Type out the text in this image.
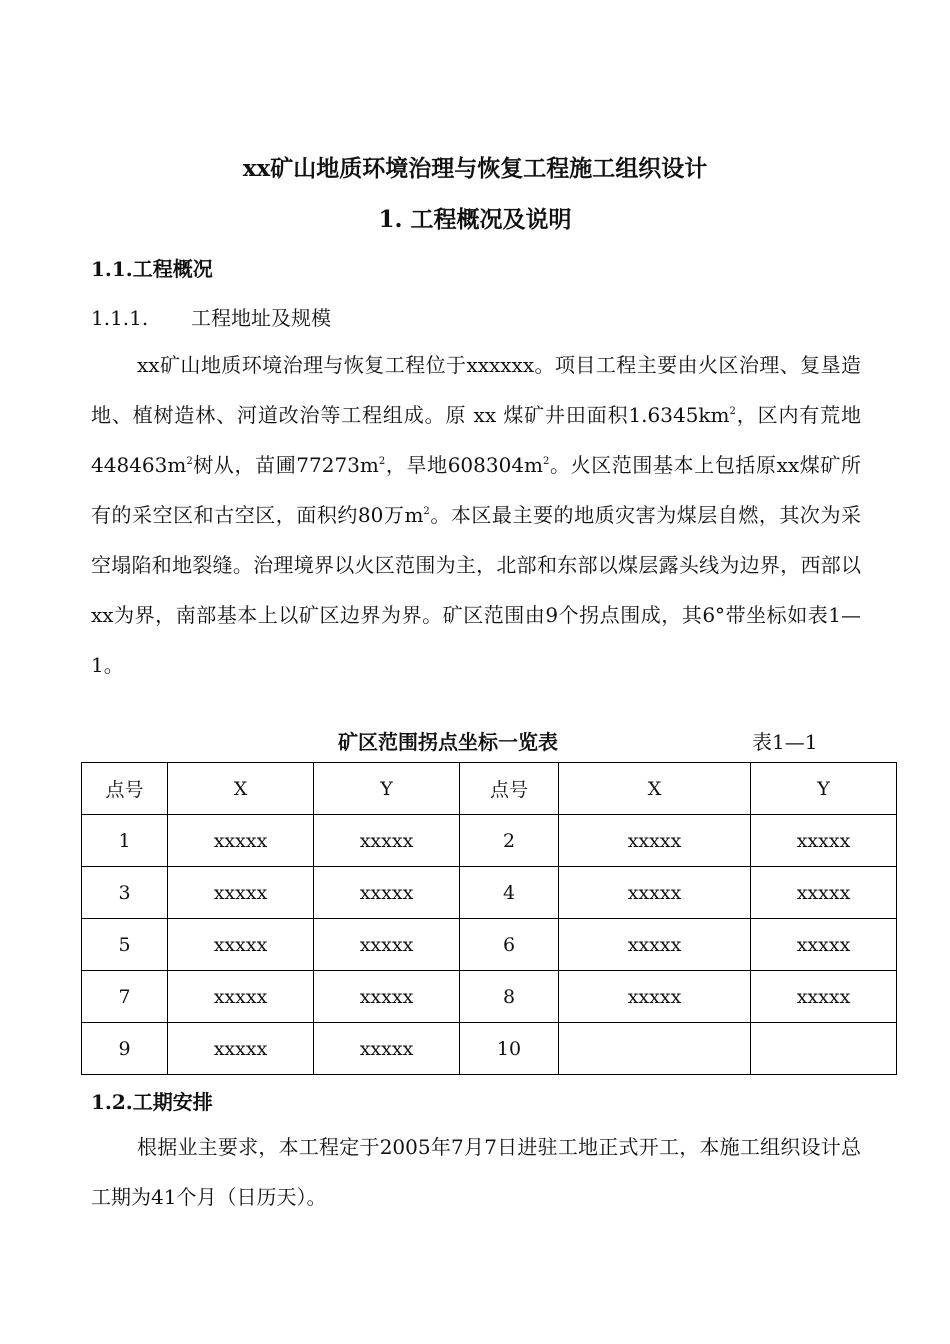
xx矿山地质环境治理与恢复工程施工组织设计
1. 工程概况及说明
1.1.工程概况
1.1.1. 工程地址及规模
xx矿山地质环境治理与恢复工程位于xxxxxx。项目工程主要由火区治理、复垦造地、植树造林、河道改治等工程组成。原 xx 煤矿井田面积$1.6345km^2$，区内有荒地$448463m^2$树从，苗圃$77273m^2$，旱地$608304m^2$。火区范围基本上包括原xx煤矿所有的采空区和古空区，面积约80万$m^2$。本区最主要的地质灾害为煤层自燃，其次为采空塌陷和地裂缝。治理境界以火区范围为主，北部和东部以煤层露头线为边界，西部以xx为界，南部基本上以矿区边界为界。矿区范围由9个拐点围成，其6°带坐标如表1—1。
矿区范围拐点坐标一览表	表1—1
点号	X	Y	点号	X	Y
1	xxxxx	xxxxx	2	xxxxx	xxxxx
3	xxxxx	xxxxx	4	xxxxx	xxxxx
5	xxxxx	xxxxx	6	xxxxx	xxxxx
7	xxxxx	xxxxx	8	xxxxx	xxxxx
9	xxxxx	xxxxx	10		
1.2.工期安排
根据业主要求，本工程定于2005年7月7日进驻工地正式开工，本施工组织设计总工期为41个月（日历天）。
